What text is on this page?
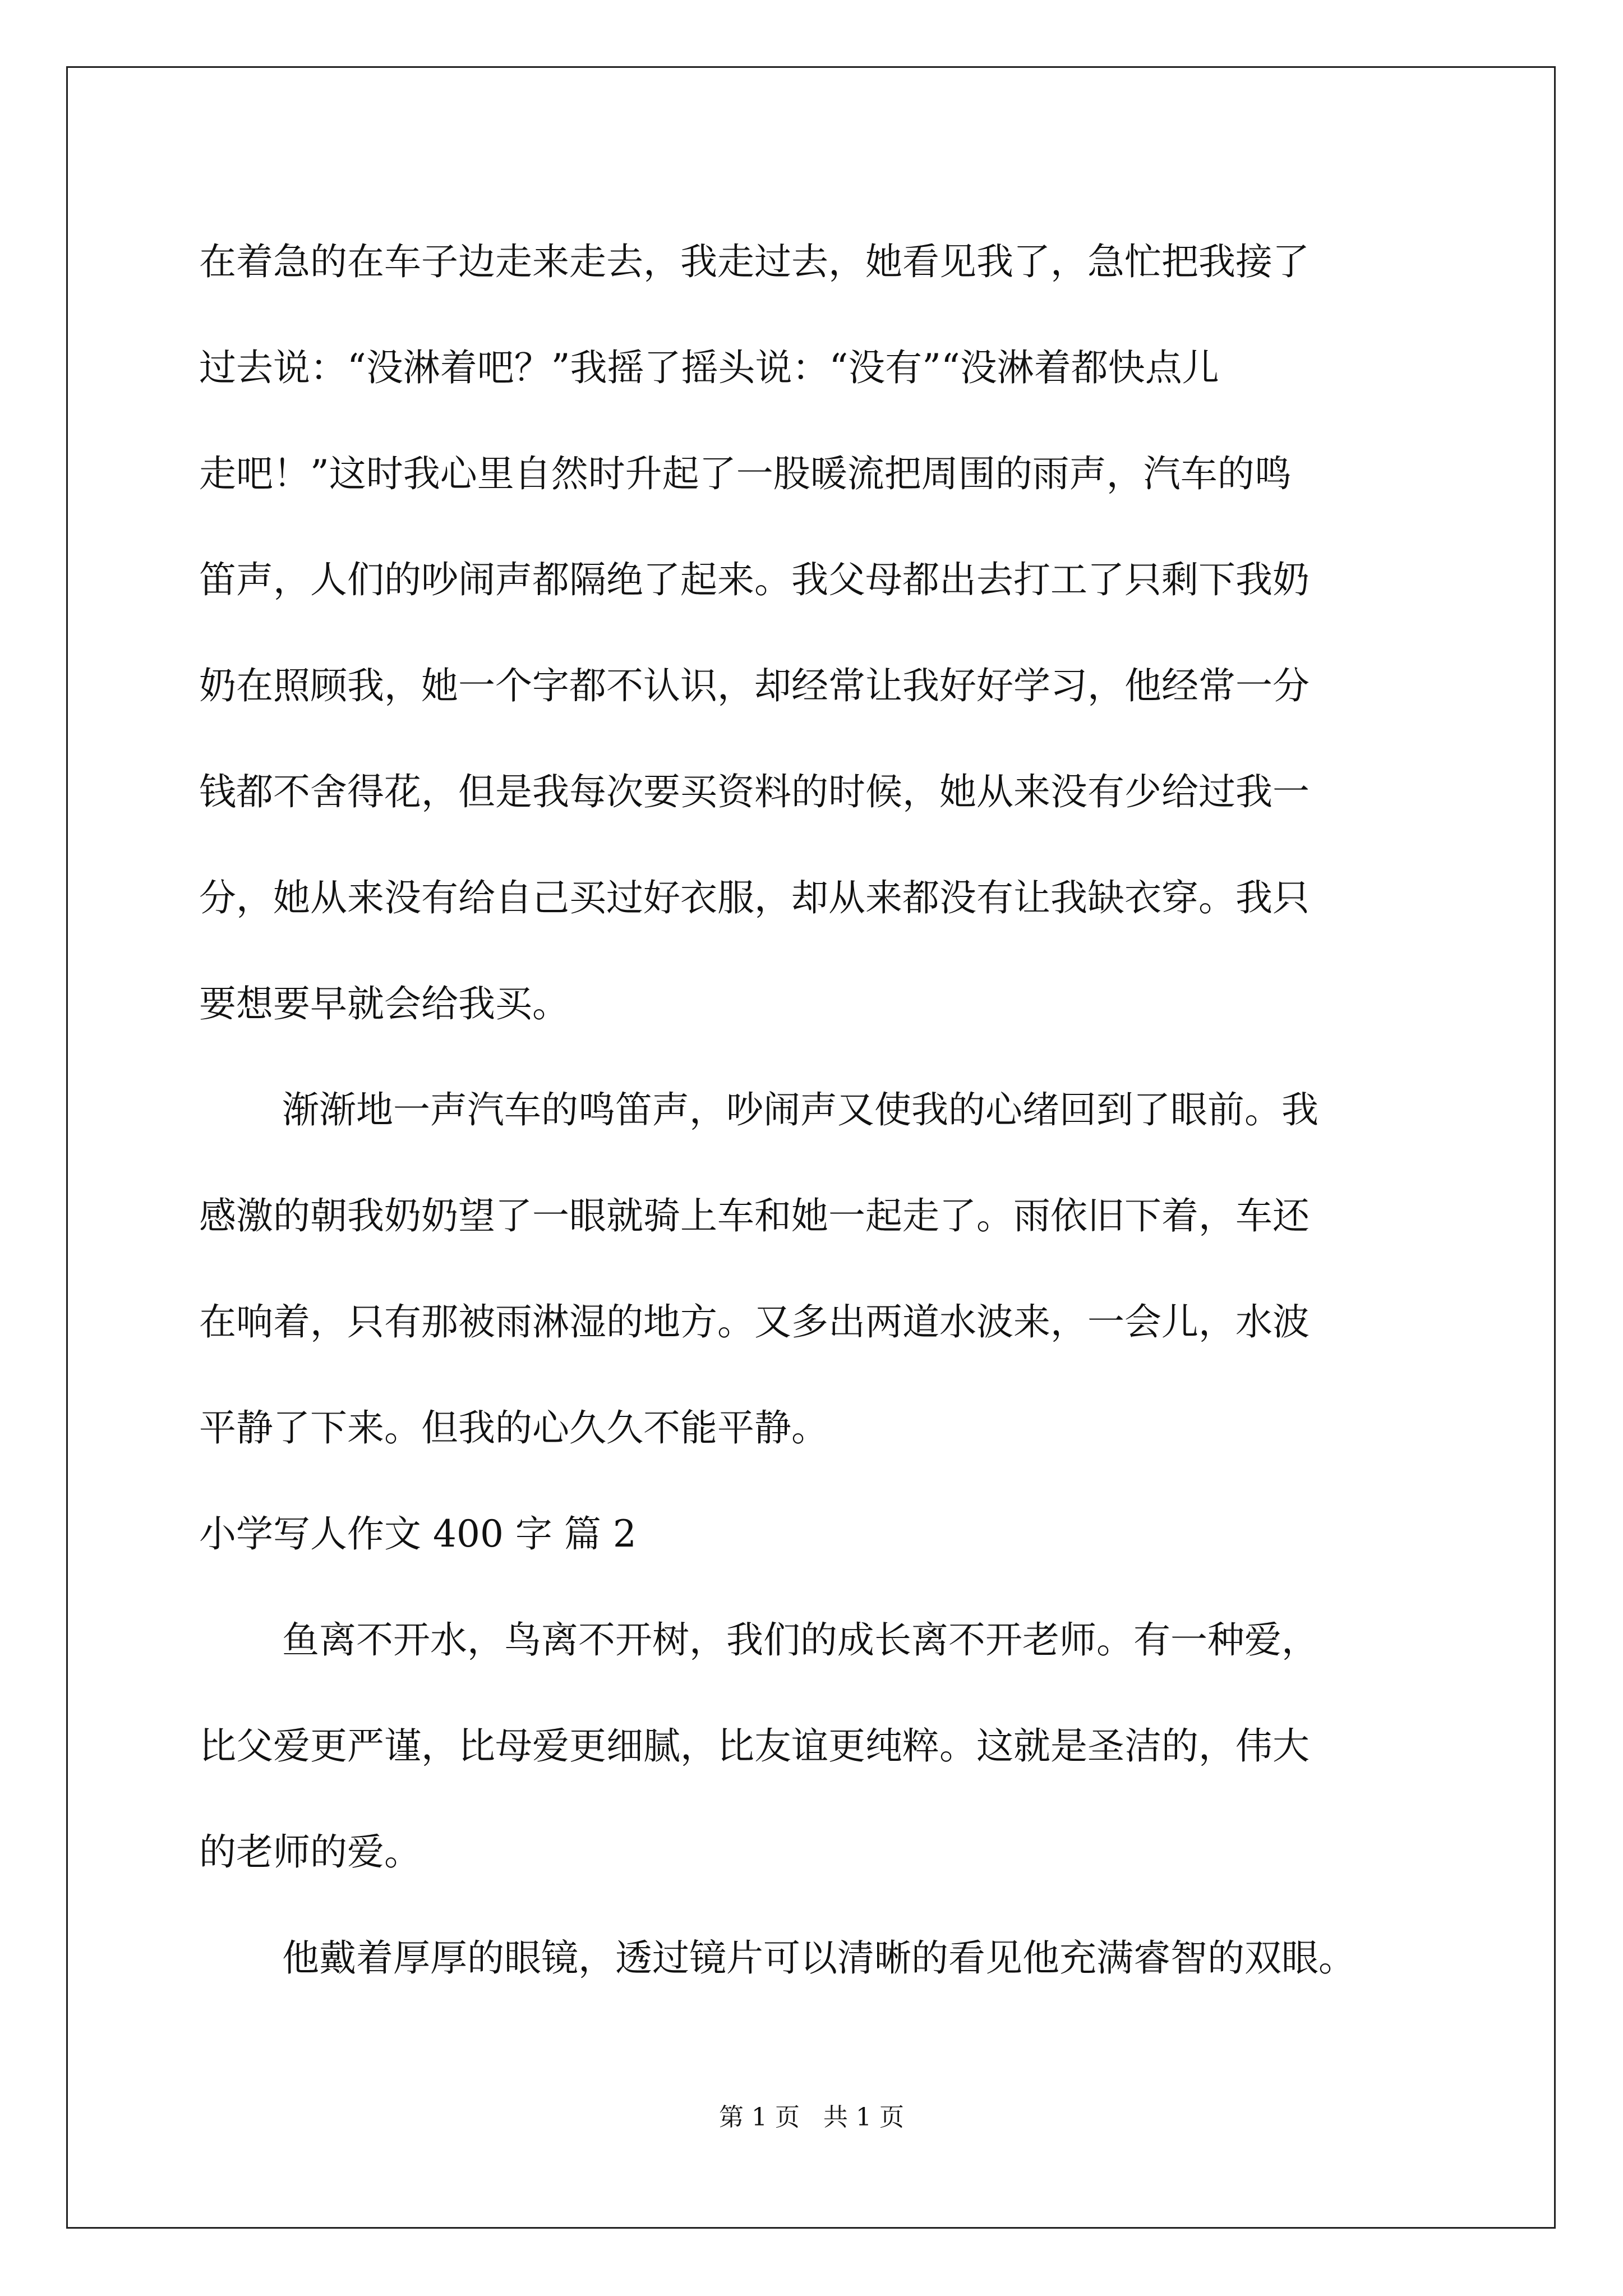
在着急的在车子边走来走去，我走过去，她看见我了，急忙把我接了
过去说：“没淋着吧？”我摇了摇头说：“没有”“没淋着都快点儿
走吧！”这时我心里自然时升起了一股暖流把周围的雨声，汽车的鸣
笛声，人们的吵闹声都隔绝了起来。我父母都出去打工了只剩下我奶
奶在照顾我，她一个字都不认识，却经常让我好好学习，他经常一分
钱都不舍得花，但是我每次要买资料的时候，她从来没有少给过我一
分，她从来没有给自己买过好衣服，却从来都没有让我缺衣穿。我只
要想要早就会给我买。
渐渐地一声汽车的鸣笛声，吵闹声又使我的心绪回到了眼前。我
感激的朝我奶奶望了一眼就骑上车和她一起走了。雨依旧下着，车还
在响着，只有那被雨淋湿的地方。又多出两道水波来，一会儿，水波
平静了下来。但我的心久久不能平静。
小学写人作文 400 字 篇 2
鱼离不开水，鸟离不开树，我们的成长离不开老师。有一种爱，
比父爱更严谨，比母爱更细腻，比友谊更纯粹。这就是圣洁的，伟大
的老师的爱。
他戴着厚厚的眼镜，透过镜片可以清晰的看见他充满睿智的双眼。
第 1 页   共 1 页
